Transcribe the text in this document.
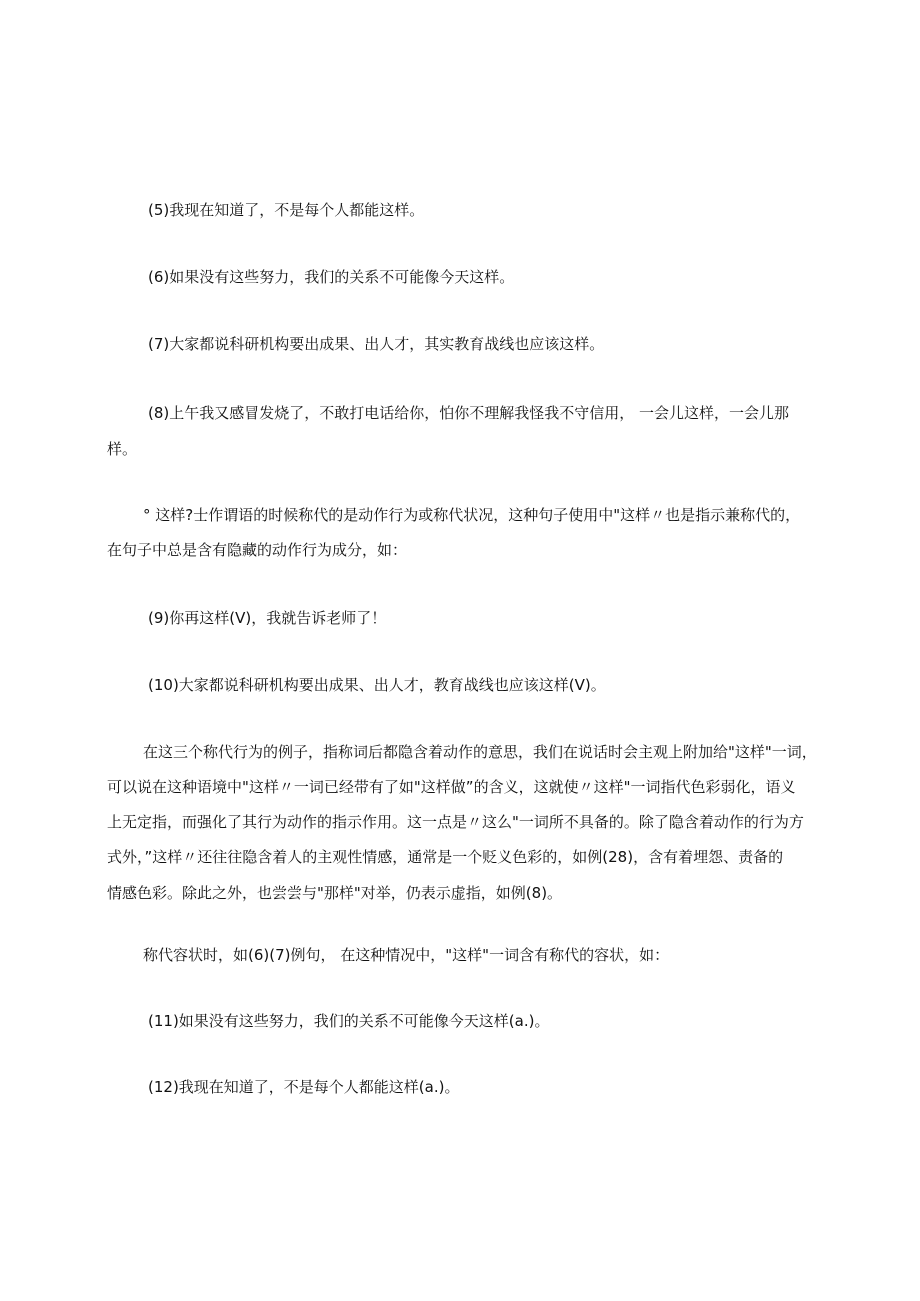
(5)我现在知道了，不是每个人都能这样。
(6)如果没有这些努力，我们的关系不可能像今天这样。
(7)大家都说科研机构要出成果、出人才，其实教育战线也应该这样。
(8)上午我又感冒发烧了，不敢打电话给你，怕你不理解我怪我不守信用， 一会儿这样，一会儿那
样。
° 这样?士作谓语的时候称代的是动作行为或称代状况，这种句子使用中"这样〃也是指示兼称代的，
在句子中总是含有隐藏的动作行为成分，如：
(9)你再这样(V)，我就告诉老师了！
(10)大家都说科研机构要出成果、出人才，教育战线也应该这样(V)。
在这三个称代行为的例子，指称词后都隐含着动作的意思，我们在说话时会主观上附加给"这样"一词，
可以说在这种语境中"这样〃一词已经带有了如"这样做”的含义，这就使〃这样"一词指代色彩弱化，语义
上无定指，而强化了其行为动作的指示作用。这一点是〃这么"一词所不具备的。除了隐含着动作的行为方
式外，”这样〃还往往隐含着人的主观性情感，通常是一个贬义色彩的，如例(28)，含有着埋怨、责备的
情感色彩。除此之外，也尝尝与"那样"对举，仍表示虚指，如例(8)。
称代容状时，如(6)(7)例句， 在这种情况中，"这样"一词含有称代的容状，如：
(11)如果没有这些努力，我们的关系不可能像今天这样(a.)。
(12)我现在知道了，不是每个人都能这样(a.)。
